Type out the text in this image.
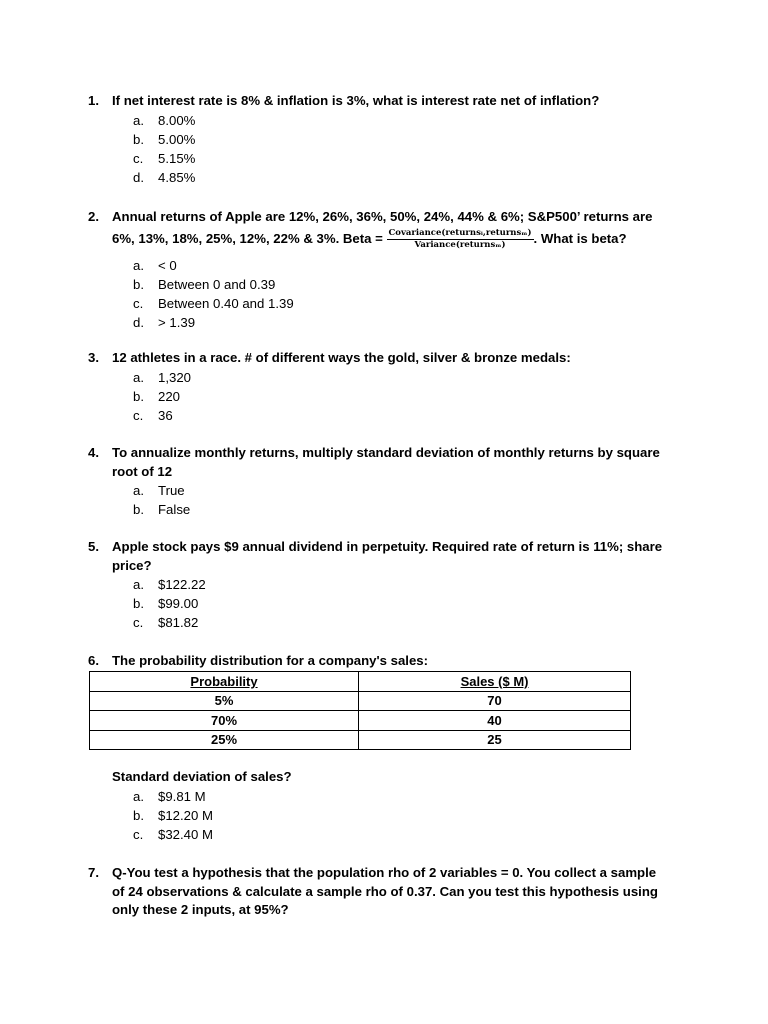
1. If net interest rate is 8% & inflation is 3%, what is interest rate net of inflation?
a.	8.00%
b.	5.00%
c.	5.15%
d.	4.85%
2. Annual returns of Apple are 12%, 26%, 36%, 50%, 24%, 44% & 6%; S&P500’ returns are 6%, 13%, 18%, 25%, 12%, 22% & 3%. Beta = $\frac{\text{Covariance(returnsᵢ,returnsₘ)}}{\text{Variance(returnsₘ)}}$ . What is beta?
a.	< 0
b.	Between 0 and 0.39
c.	Between 0.40 and 1.39
d.	> 1.39
3. 12 athletes in a race. # of different ways the gold, silver & bronze medals:
a.	1,320
b.	220
c.	36
4. To annualize monthly returns, multiply standard deviation of monthly returns by square root of 12
a.	True
b.	False
5. Apple stock pays $9 annual dividend in perpetuity. Required rate of return is 11%; share price?
a.	$122.22
b.	$99.00
c.	$81.82
6. The probability distribution for a company's sales:
Probability	Sales ($ M)
5%	70
70%	40
25%	25
Standard deviation of sales?
a.	$9.81 M
b.	$12.20 M
c.	$32.40 M
7. Q-You test a hypothesis that the population rho of 2 variables = 0. You collect a sample of 24 observations & calculate a sample rho of 0.37. Can you test this hypothesis using only these 2 inputs, at 95%?
